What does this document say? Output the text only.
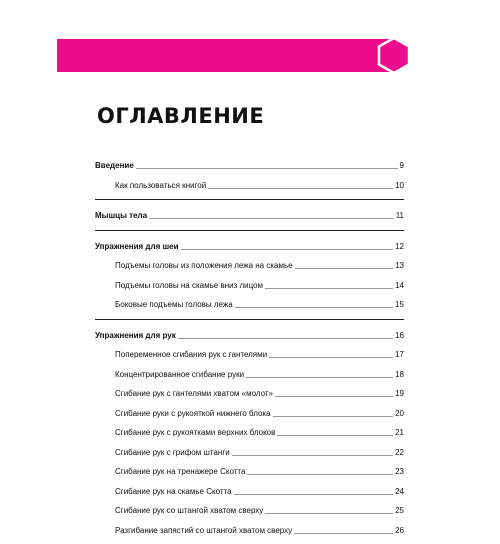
ОГЛАВЛЕНИЕ
Введение	9
Как пользоваться книгой	10
Мышцы тела	11
Упражнения для шеи	12
Подъемы головы из положения лежа на скамье	13
Подъемы головы на скамье вниз лицом	14
Боковые подъемы головы лежа	15
Упражнения для рук	16
Попеременное сгибания рук с гантелями	17
Концентрированное сгибание руки	18
Сгибание рук с гантелями хватом «молот»	19
Сгибание руки с рукояткой нижнего блока	20
Сгибание рук с рукоятками верхних блоков	21
Сгибание рук с грифом штанги	22
Сгибание рук на тренажере Скотта	23
Сгибание рук на скамье Скотта	24
Сгибание рук со штангой хватом сверху	25
Разгибание запястий со штангой хватом сверху	26
